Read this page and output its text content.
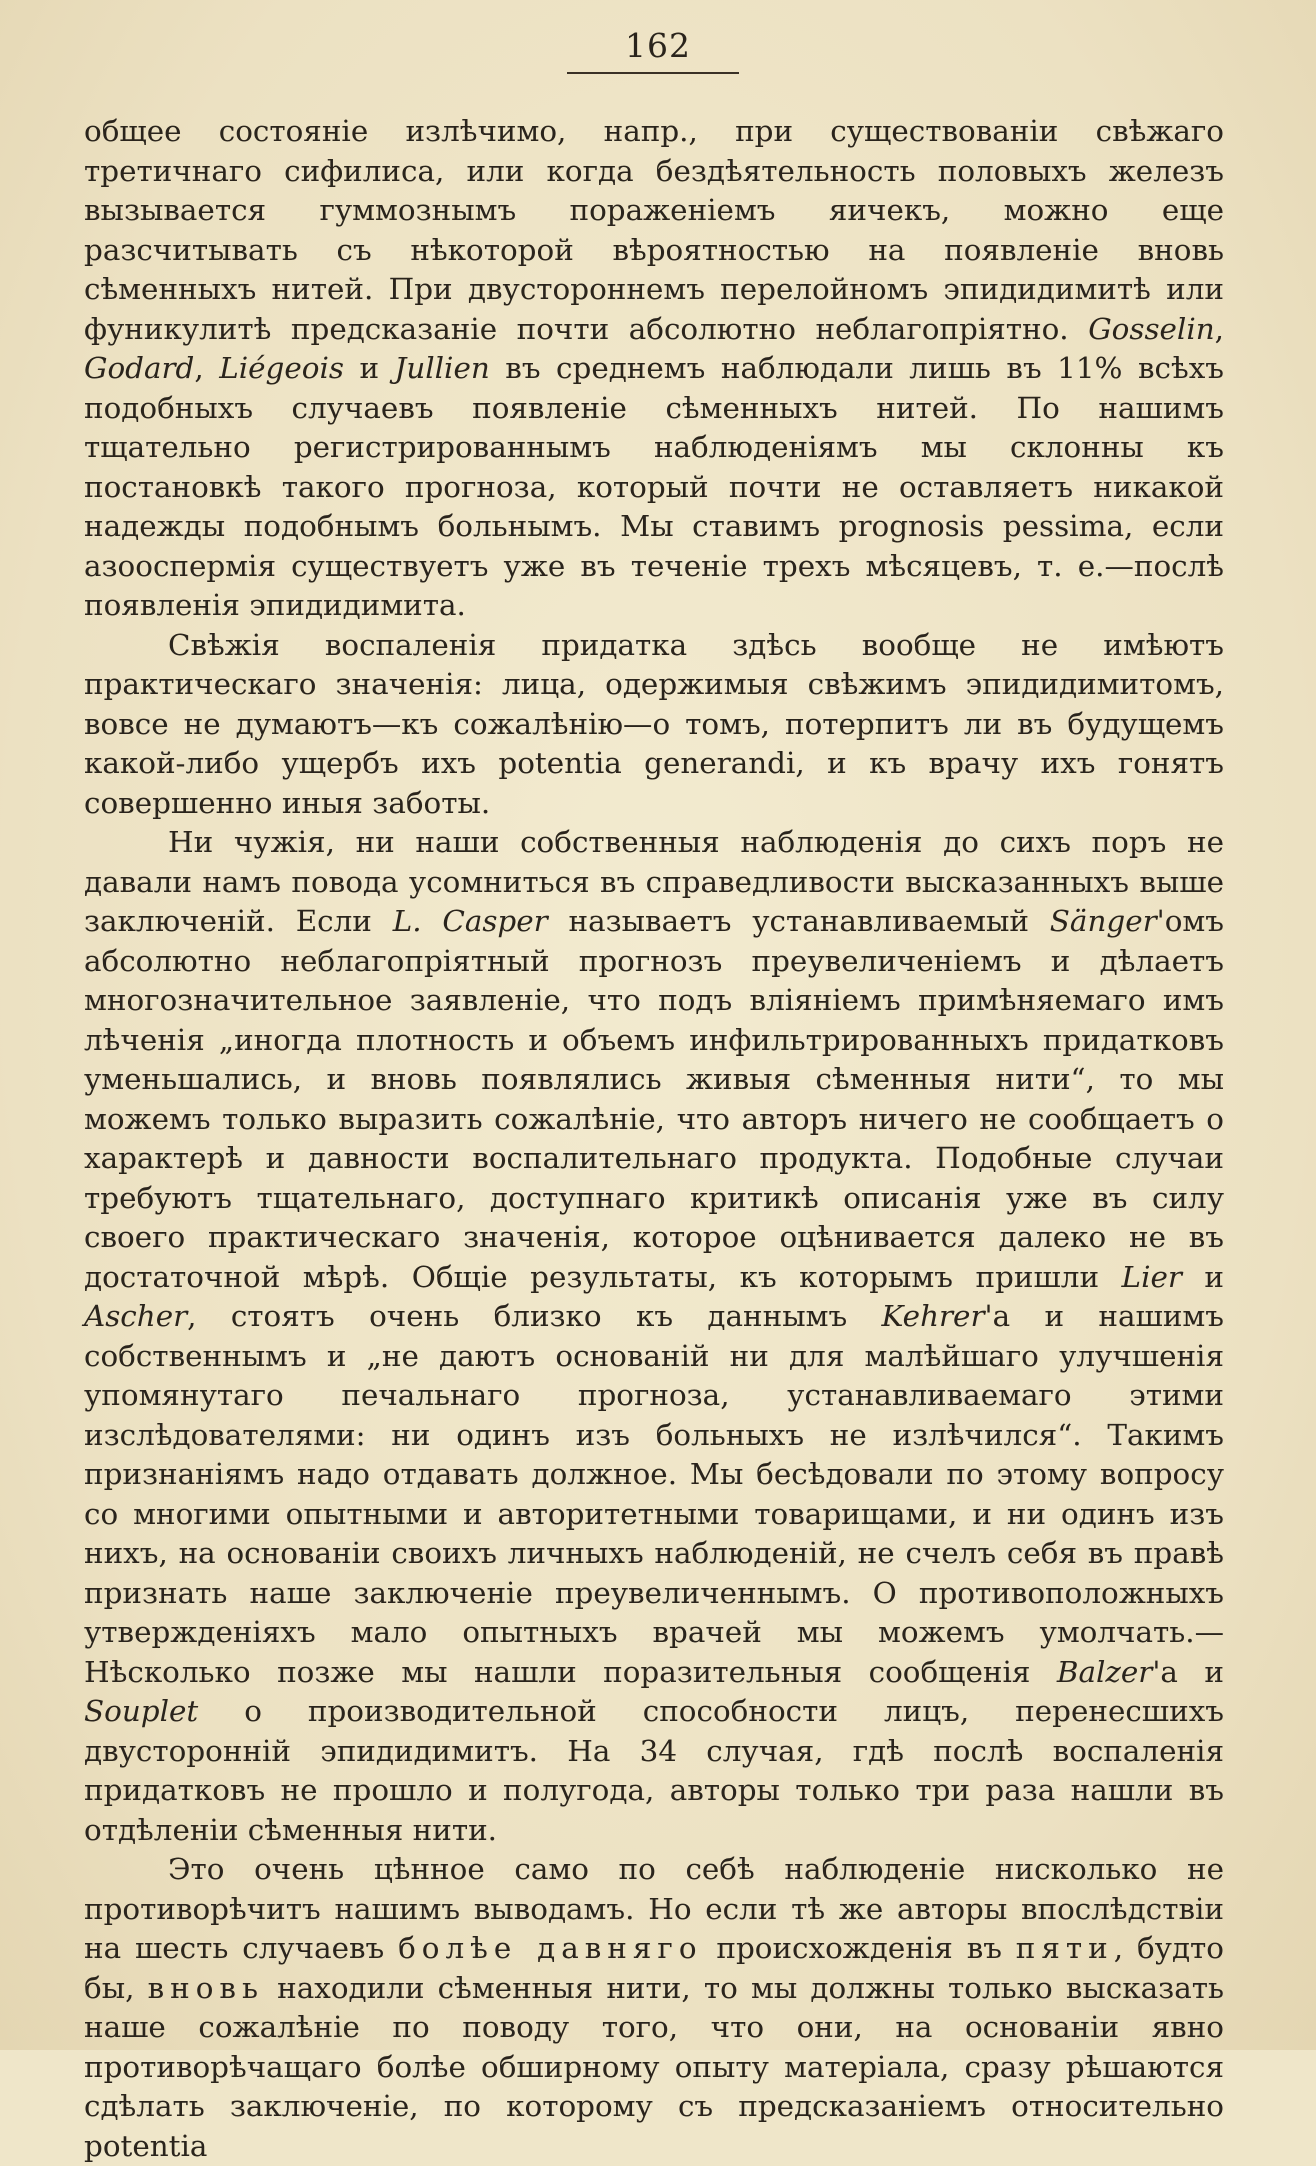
162

общее состояніе излѣчимо, напр., при существованіи свѣжаго третичнаго сифилиса, или когда бездѣятельность половыхъ железъ вызывается гуммознымъ пораженіемъ яичекъ, можно еще разсчитывать съ нѣкоторой вѣроятностью на появленіе вновь сѣменныхъ нитей. При двустороннемъ перелойномъ эпидидимитѣ или фуникулитѣ предсказаніе почти абсолютно неблагопріятно. Gosselin, Godard, Liégeois и Jullien въ среднемъ наблюдали лишь въ 11% всѣхъ подобныхъ случаевъ появленіе сѣменныхъ нитей. По нашимъ тщательно регистрированнымъ наблюденіямъ мы склонны къ постановкѣ такого прогноза, который почти не оставляетъ никакой надежды подобнымъ больнымъ. Мы ставимъ prognosis pessima, если азооспермія существуетъ уже въ теченіе трехъ мѣсяцевъ, т. е.—послѣ появленія эпидидимита.

Свѣжія воспаленія придатка здѣсь вообще не имѣютъ практическаго значенія: лица, одержимыя свѣжимъ эпидидимитомъ, вовсе не думаютъ—къ сожалѣнію—о томъ, потерпитъ ли въ будущемъ какой-либо ущербъ ихъ potentia generandi, и къ врачу ихъ гонятъ совершенно иныя заботы.

Ни чужія, ни наши собственныя наблюденія до сихъ поръ не давали намъ повода усомниться въ справедливости высказанныхъ выше заключеній. Если L. Casper называетъ устанавливаемый Sänger'омъ абсолютно неблагопріятный прогнозъ преувеличеніемъ и дѣлаетъ многозначительное заявленіе, что подъ вліяніемъ примѣняемаго имъ лѣченія „иногда плотность и объемъ инфильтрированныхъ придатковъ уменьшались, и вновь появлялись живыя сѣменныя нити“, то мы можемъ только выразить сожалѣніе, что авторъ ничего не сообщаетъ о характерѣ и давности воспалительнаго продукта. Подобные случаи требуютъ тщательнаго, доступнаго критикѣ описанія уже въ силу своего практическаго значенія, которое оцѣнивается далеко не въ достаточной мѣрѣ. Общіе результаты, къ которымъ пришли Lier и Ascher, стоятъ очень близко къ даннымъ Kehrer'а и нашимъ собственнымъ и „не даютъ основаній ни для малѣйшаго улучшенія упомянутаго печальнаго прогноза, устанавливаемаго этими изслѣдователями: ни одинъ изъ больныхъ не излѣчился“. Такимъ признаніямъ надо отдавать должное. Мы бесѣдовали по этому вопросу со многими опытными и авторитетными товарищами, и ни одинъ изъ нихъ, на основаніи своихъ личныхъ наблюденій, не счелъ себя въ правѣ признать наше заключеніе преувеличеннымъ. О противоположныхъ утвержденіяхъ мало опытныхъ врачей мы можемъ умолчать.—Нѣсколько позже мы нашли поразительныя сообщенія Balzer'а и Souplet о производительной способности лицъ, перенесшихъ двусторонній эпидидимитъ. На 34 случая, гдѣ послѣ воспаленія придатковъ не прошло и полугода, авторы только три раза нашли въ отдѣленіи сѣменныя нити.

Это очень цѣнное само по себѣ наблюденіе нисколько не противорѣчитъ нашимъ выводамъ. Но если тѣ же авторы впослѣдствіи на шесть случаевъ болѣе давняго происхожденія въ пяти, будто бы, вновь находили сѣменныя нити, то мы должны только высказать наше сожалѣніе по поводу того, что они, на основаніи явно противорѣчащаго болѣе обширному опыту матеріала, сразу рѣшаются сдѣлать заключеніе, по которому съ предсказаніемъ относительно potentia
